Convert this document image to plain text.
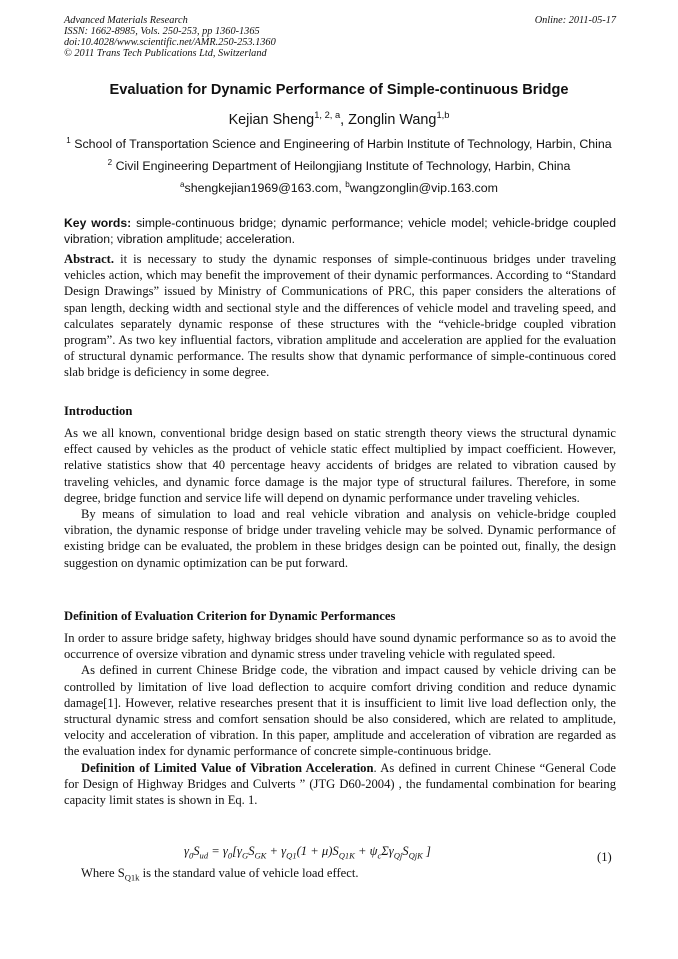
Advanced Materials Research
ISSN: 1662-8985, Vols. 250-253, pp 1360-1365
doi:10.4028/www.scientific.net/AMR.250-253.1360
© 2011 Trans Tech Publications Ltd, Switzerland
Online: 2011-05-17
Evaluation for Dynamic Performance of Simple-continuous Bridge
Kejian Sheng$^{1, 2, a}$, Zonglin Wang$^{1,b}$
$^1$ School of Transportation Science and Engineering of Harbin Institute of Technology, Harbin, China
$^2$ Civil Engineering Department of Heilongjiang Institute of Technology, Harbin, China
$^a$shengkejian1969@163.com, $^b$wangzonglin@vip.163.com
Key words: simple-continuous bridge; dynamic performance; vehicle model; vehicle-bridge coupled vibration; vibration amplitude; acceleration.

Abstract. it is necessary to study the dynamic responses of simple-continuous bridges under traveling vehicles action, which may benefit the improvement of their dynamic performances. According to “Standard Design Drawings” issued by Ministry of Communications of PRC, this paper considers the alterations of span length, decking width and sectional style and the differences of vehicle model and traveling speed, and calculates separately dynamic response of these structures with the “vehicle-bridge coupled vibration program”. As two key influential factors, vibration amplitude and acceleration are applied for the evaluation of structural dynamic performance. The results show that dynamic performance of simple-continuous cored slab bridge is deficiency in some degree.

Introduction

As we all known, conventional bridge design based on static strength theory views the structural dynamic effect caused by vehicles as the product of vehicle static effect multiplied by impact coefficient. However, relative statistics show that 40 percentage heavy accidents of bridges are related to vibration caused by traveling vehicles, and dynamic force damage is the major type of structural failures. Therefore, in some degree, bridge function and service life will depend on dynamic performance under traveling vehicles.

By means of simulation to load and real vehicle vibration and analysis on vehicle-bridge coupled vibration, the dynamic response of bridge under traveling vehicle may be solved. Dynamic performance of existing bridge can be evaluated, the problem in these bridges design can be pointed out, finally, the design suggestion on dynamic optimization can be put forward.

Definition of Evaluation Criterion for Dynamic Performances

In order to assure bridge safety, highway bridges should have sound dynamic performance so as to avoid the occurrence of oversize vibration and dynamic stress under traveling vehicle with regulated speed.

As defined in current Chinese Bridge code, the vibration and impact caused by vehicle driving can be controlled by limitation of live load deflection to acquire comfort driving condition and reduce dynamic damage[1]. However, relative researches present that it is insufficient to limit live load deflection only, the structural dynamic stress and comfort sensation should be also considered, which are related to amplitude, velocity and acceleration of vibration. In this paper, amplitude and acceleration of vibration are regarded as the evaluation index for dynamic performance of concrete simple-continuous bridge.

Definition of Limited Value of Vibration Acceleration. As defined in current Chinese “General Code for Design of Highway Bridges and Culverts ” (JTG D60-2004) , the fundamental combination for bearing capacity limit states is shown in Eq. 1.

$\gamma_0S_{ud} = \gamma_0[\gamma_GS_{GK} + \gamma_{Q1}(1 + \mu)S_{Q1K} + \psi_c\Sigma\gamma_{Qj}S_{QjK}$ ]	(1)
Where $S_{Q1k}$ is the standard value of vehicle load effect.
